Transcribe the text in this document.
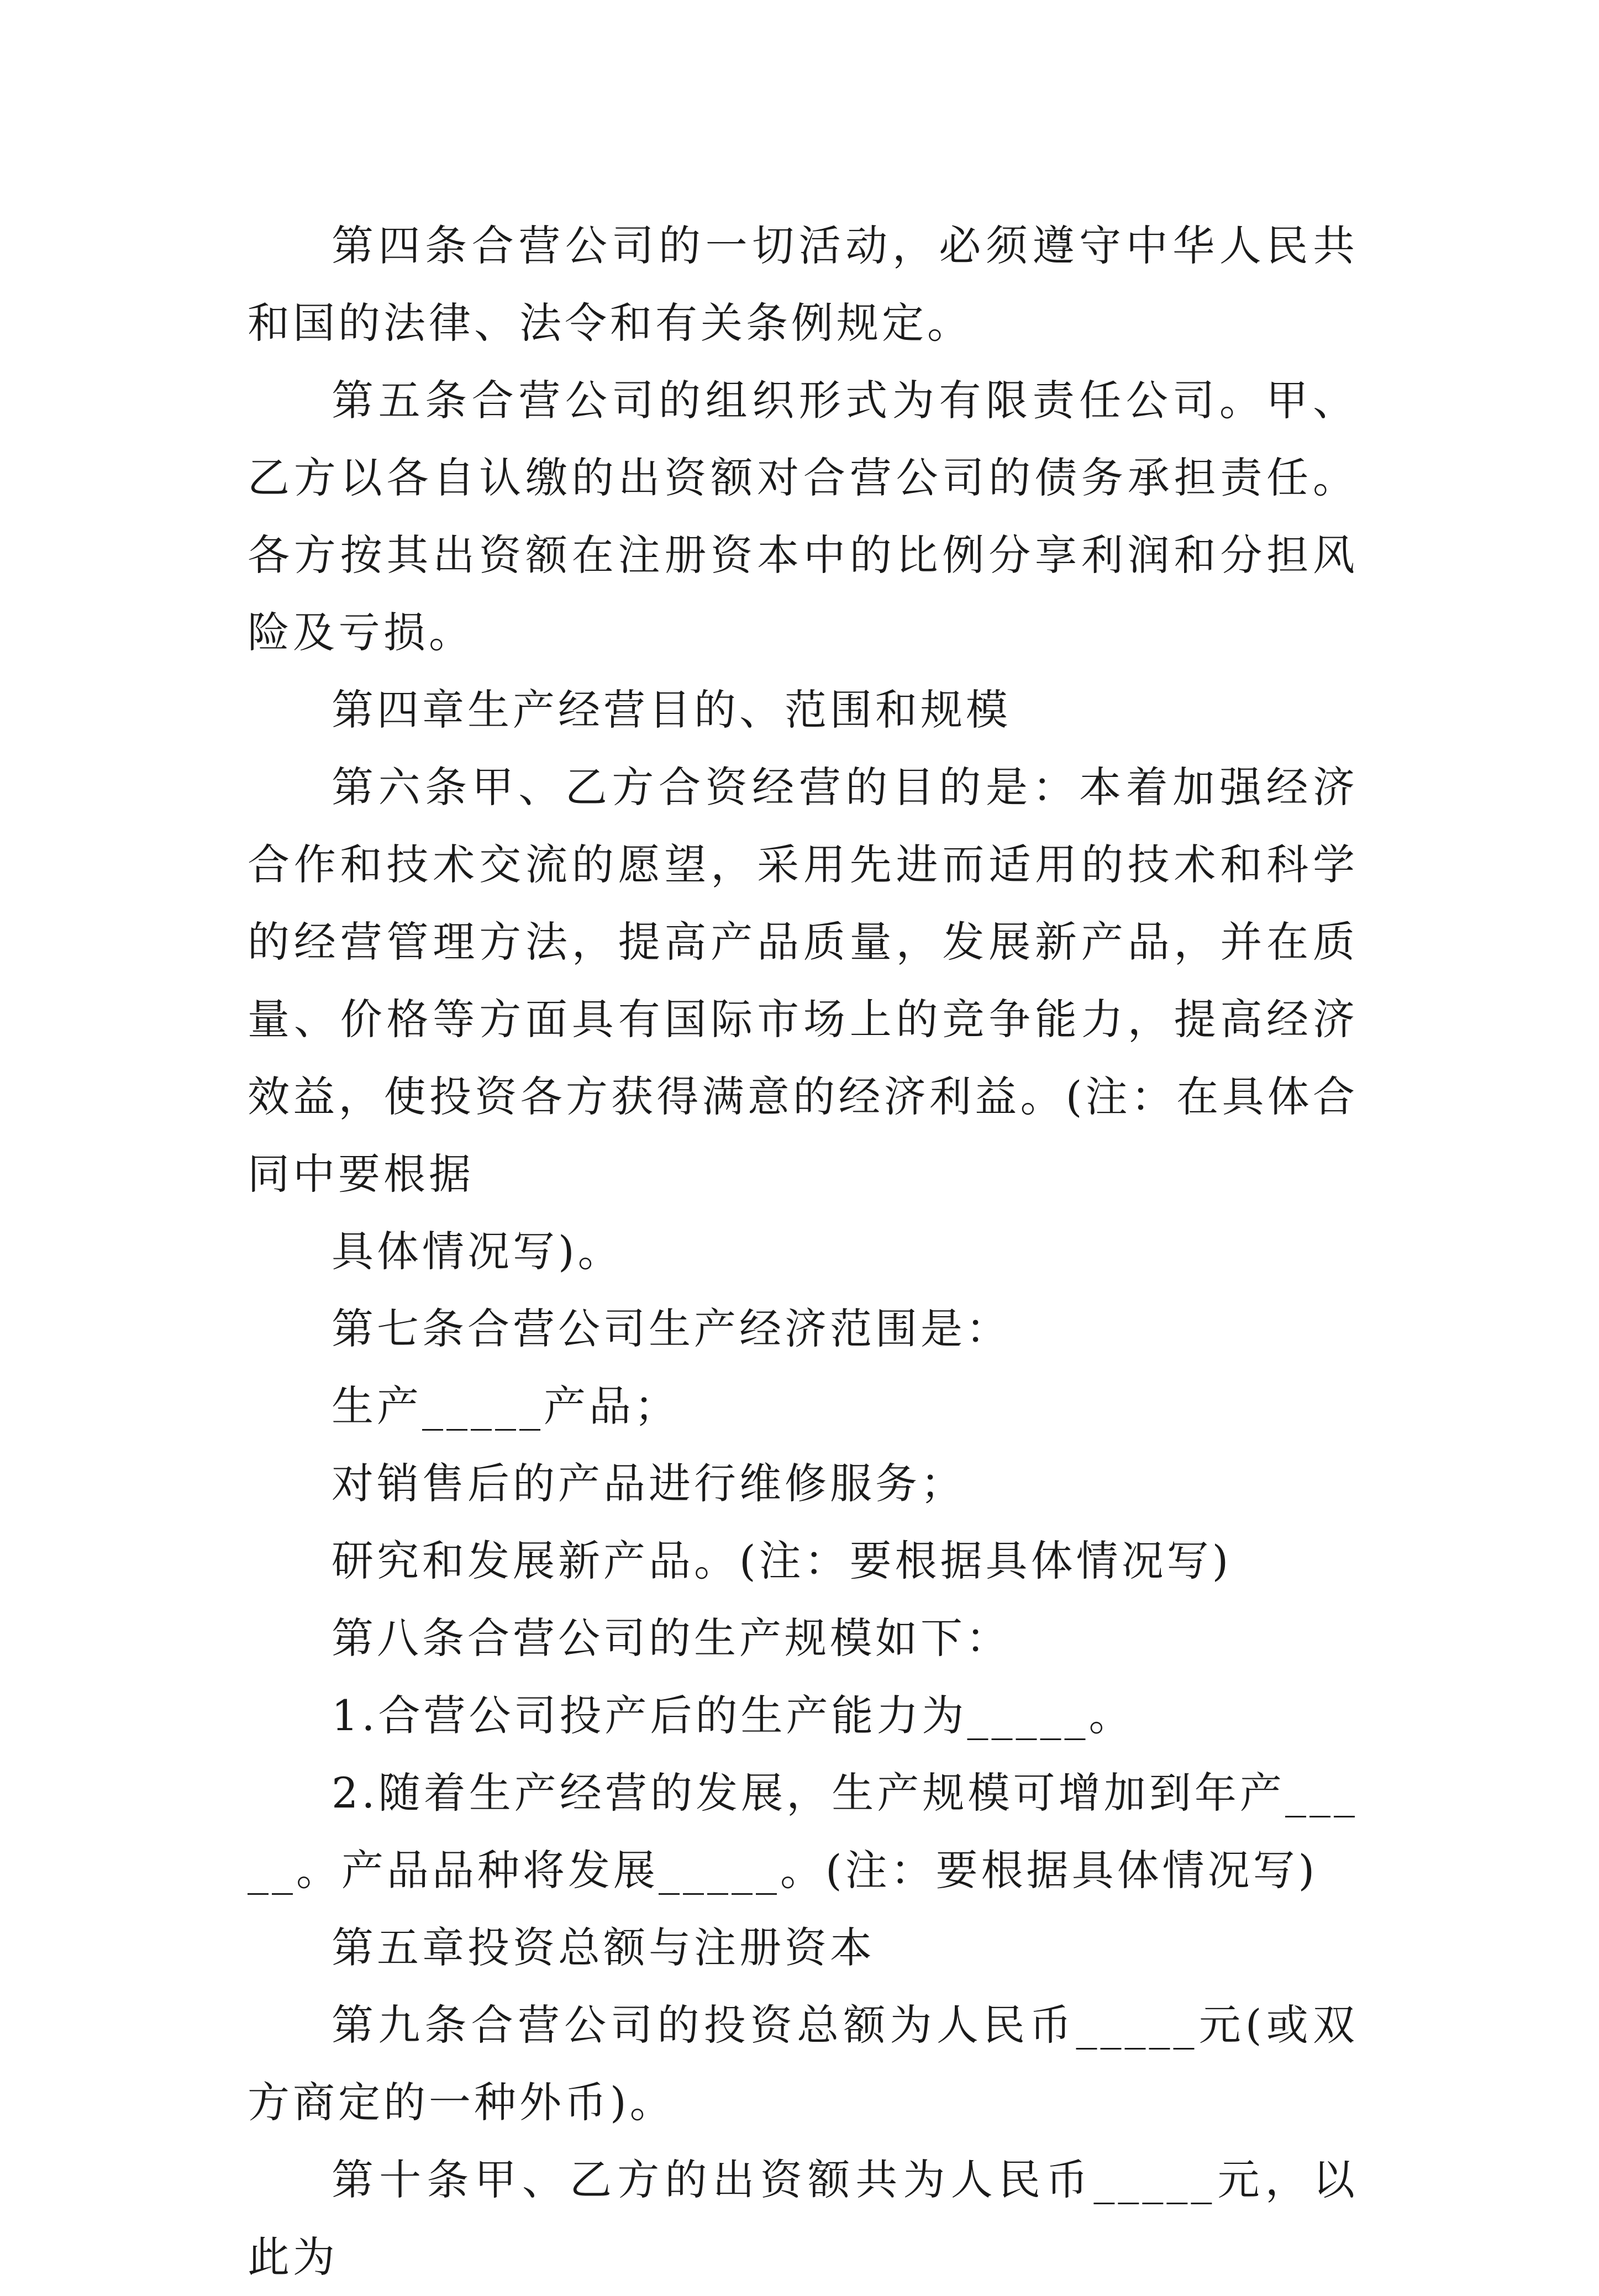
第四条合营公司的一切活动，必须遵守中华人民共和国的法律、法令和有关条例规定。

第五条合营公司的组织形式为有限责任公司。甲、乙方以各自认缴的出资额对合营公司的债务承担责任。各方按其出资额在注册资本中的比例分享利润和分担风险及亏损。

第四章生产经营目的、范围和规模

第六条甲、乙方合资经营的目的是：本着加强经济合作和技术交流的愿望，采用先进而适用的技术和科学的经营管理方法，提高产品质量，发展新产品，并在质量、价格等方面具有国际市场上的竞争能力，提高经济效益，使投资各方获得满意的经济利益。(注：在具体合同中要根据

具体情况写)。

第七条合营公司生产经济范围是：

生产_____产品；

对销售后的产品进行维修服务；

研究和发展新产品。(注：要根据具体情况写)

第八条合营公司的生产规模如下：

1.合营公司投产后的生产能力为_____。

2.随着生产经营的发展，生产规模可增加到年产_____。产品品种将发展_____。(注：要根据具体情况写)

第五章投资总额与注册资本

第九条合营公司的投资总额为人民币_____元(或双方商定的一种外币)。

第十条甲、乙方的出资额共为人民币_____元，以此为
